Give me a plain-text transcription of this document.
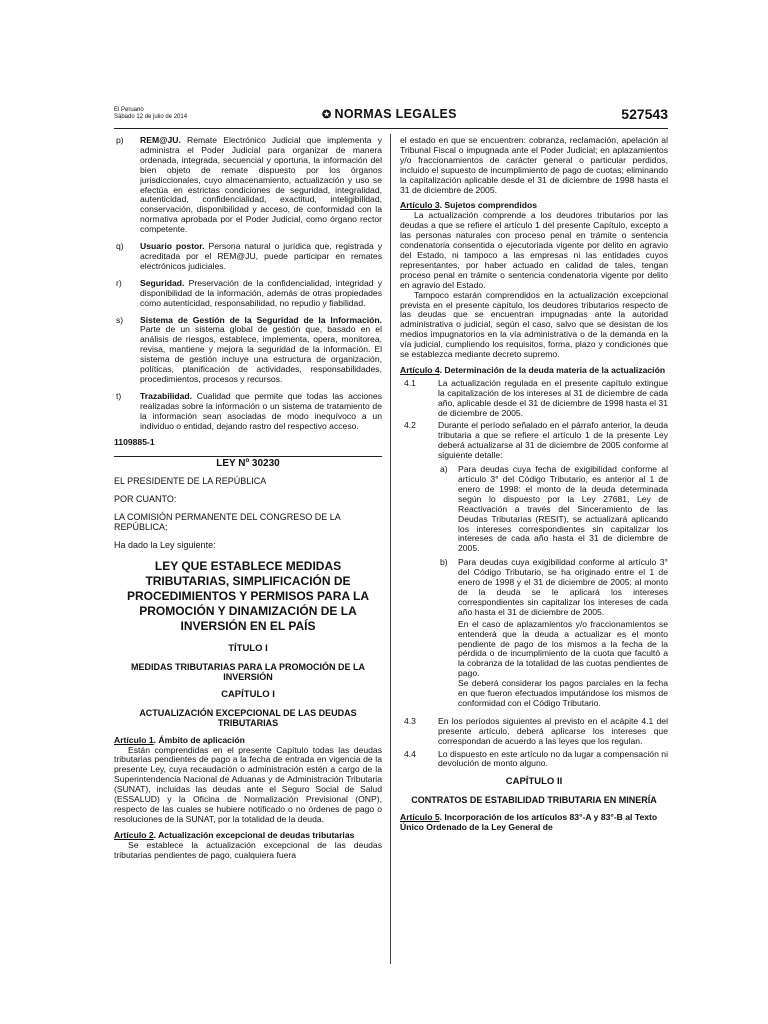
El Peruano
Sábado 12 de julio de 2014	✪ NORMAS LEGALES	527543
p)	REM@JU. Remate Electrónico Judicial que implementa y administra el Poder Judicial para organizar de manera ordenada, integrada, secuencial y oportuna, la información del bien objeto de remate dispuesto por los órganos jurisdiccionales, cuyo almacenamiento, actualización y uso se efectúa en estrictas condiciones de seguridad, integralidad, autenticidad, confidencialidad, exactitud, inteligibilidad, conservación, disponibilidad y acceso, de conformidad con la normativa aprobada por el Poder Judicial, como órgano rector competente.
q)	Usuario postor. Persona natural o jurídica que, registrada y acreditada por el REM@JU, puede participar en remates electrónicos judiciales.
r)	Seguridad. Preservación de la confidencialidad, integridad y disponibilidad de la información, además de otras propiedades como autenticidad, responsabilidad, no repudio y fiabilidad.
s)	Sistema de Gestión de la Seguridad de la Información. Parte de un sistema global de gestión que, basado en el análisis de riesgos, establece, implementa, opera, monitorea, revisa, mantiene y mejora la seguridad de la información. El sistema de gestión incluye una estructura de organización, políticas, planificación de actividades, responsabilidades, procedimientos, procesos y recursos.
t)	Trazabilidad. Cualidad que permite que todas las acciones realizadas sobre la información o un sistema de tratamiento de la información sean asociadas de modo inequívoco a un individuo o entidad, dejando rastro del respectivo acceso.
1109885-1
LEY Nº 30230
EL PRESIDENTE DE LA REPÚBLICA
POR CUANTO:
LA COMISIÓN PERMANENTE DEL CONGRESO DE LA REPÚBLICA;
Ha dado la Ley siguiente:
LEY QUE ESTABLECE MEDIDAS TRIBUTARIAS, SIMPLIFICACIÓN DE PROCEDIMIENTOS Y PERMISOS PARA LA PROMOCIÓN Y DINAMIZACIÓN DE LA INVERSIÓN EN EL PAÍS
TÍTULO I
MEDIDAS TRIBUTARIAS PARA LA PROMOCIÓN DE LA INVERSIÓN
CAPÍTULO I
ACTUALIZACIÓN EXCEPCIONAL DE LAS DEUDAS TRIBUTARIAS
Artículo 1. Ámbito de aplicación
Están comprendidas en el presente Capítulo todas las deudas tributarias pendientes de pago a la fecha de entrada en vigencia de la presente Ley, cuya recaudación o administración estén a cargo de la Superintendencia Nacional de Aduanas y de Administración Tributaria (SUNAT), incluidas las deudas ante el Seguro Social de Salud (ESSALUD) y la Oficina de Normalización Previsional (ONP), respecto de las cuales se hubiere notificado o no órdenes de pago o resoluciones de la SUNAT, por la totalidad de la deuda.
Artículo 2. Actualización excepcional de deudas tributarias
Se establece la actualización excepcional de las deudas tributarias pendientes de pago, cualquiera fuera
el estado en que se encuentren: cobranza, reclamación, apelación al Tribunal Fiscal o impugnada ante el Poder Judicial; en aplazamientos y/o fraccionamientos de carácter general o particular perdidos, incluido el supuesto de incumplimiento de pago de cuotas; eliminando la capitalización aplicable desde el 31 de diciembre de 1998 hasta el 31 de diciembre de 2005.
Artículo 3. Sujetos comprendidos
La actualización comprende a los deudores tributarios por las deudas a que se refiere el artículo 1 del presente Capítulo, excepto a las personas naturales con proceso penal en trámite o sentencia condenatoria consentida o ejecutoriada vigente por delito en agravio del Estado, ni tampoco a las empresas ni las entidades cuyos representantes, por haber actuado en calidad de tales, tengan proceso penal en trámite o sentencia condenatoria vigente por delito en agravio del Estado.
Tampoco estarán comprendidos en la actualización excepcional prevista en el presente capítulo, los deudores tributarios respecto de las deudas que se encuentran impugnadas ante la autoridad administrativa o judicial, según el caso, salvo que se desistan de los medios impugnatorios en la vía administrativa o de la demanda en la vía judicial, cumpliendo los requisitos, forma, plazo y condiciones que se establezca mediante decreto supremo.
Artículo 4. Determinación de la deuda materia de la actualización
4.1	La actualización regulada en el presente capítulo extingue la capitalización de los intereses al 31 de diciembre de cada año, aplicable desde el 31 de diciembre de 1998 hasta el 31 de diciembre de 2005.
4.2	Durante el período señalado en el párrafo anterior, la deuda tributaria a que se refiere el artículo 1 de la presente Ley deberá actualizarse al 31 de diciembre de 2005 conforme al siguiente detalle:
a)	Para deudas cuya fecha de exigibilidad conforme al artículo 3° del Código Tributario, es anterior al 1 de enero de 1998: el monto de la deuda determinada según lo dispuesto por la Ley 27681, Ley de Reactivación a través del Sinceramiento de las Deudas Tributarias (RESIT), se actualizará aplicando los intereses correspondientes sin capitalizar los intereses de cada año hasta el 31 de diciembre de 2005.
b)	Para deudas cuya exigibilidad conforme al artículo 3° del Código Tributario, se ha originado entre el 1 de enero de 1998 y el 31 de diciembre de 2005: al monto de la deuda se le aplicará los intereses correspondientes sin capitalizar los intereses de cada año hasta el 31 de diciembre de 2005.
En el caso de aplazamientos y/o fraccionamientos se entenderá que la deuda a actualizar es el monto pendiente de pago de los mismos a la fecha de la pérdida o de incumplimiento de la cuota que facultó a la cobranza de la totalidad de las cuotas pendientes de pago.
Se deberá considerar los pagos parciales en la fecha en que fueron efectuados imputándose los mismos de conformidad con el Código Tributario.
4.3	En los períodos siguientes al previsto en el acápite 4.1 del presente artículo, deberá aplicarse los intereses que correspondan de acuerdo a las leyes que los regulan.
4.4	Lo dispuesto en este artículo no da lugar a compensación ni devolución de monto alguno.
CAPÍTULO II
CONTRATOS DE ESTABILIDAD TRIBUTARIA EN MINERÍA
Artículo 5. Incorporación de los artículos 83°-A y 83°-B al Texto Único Ordenado de la Ley General de
